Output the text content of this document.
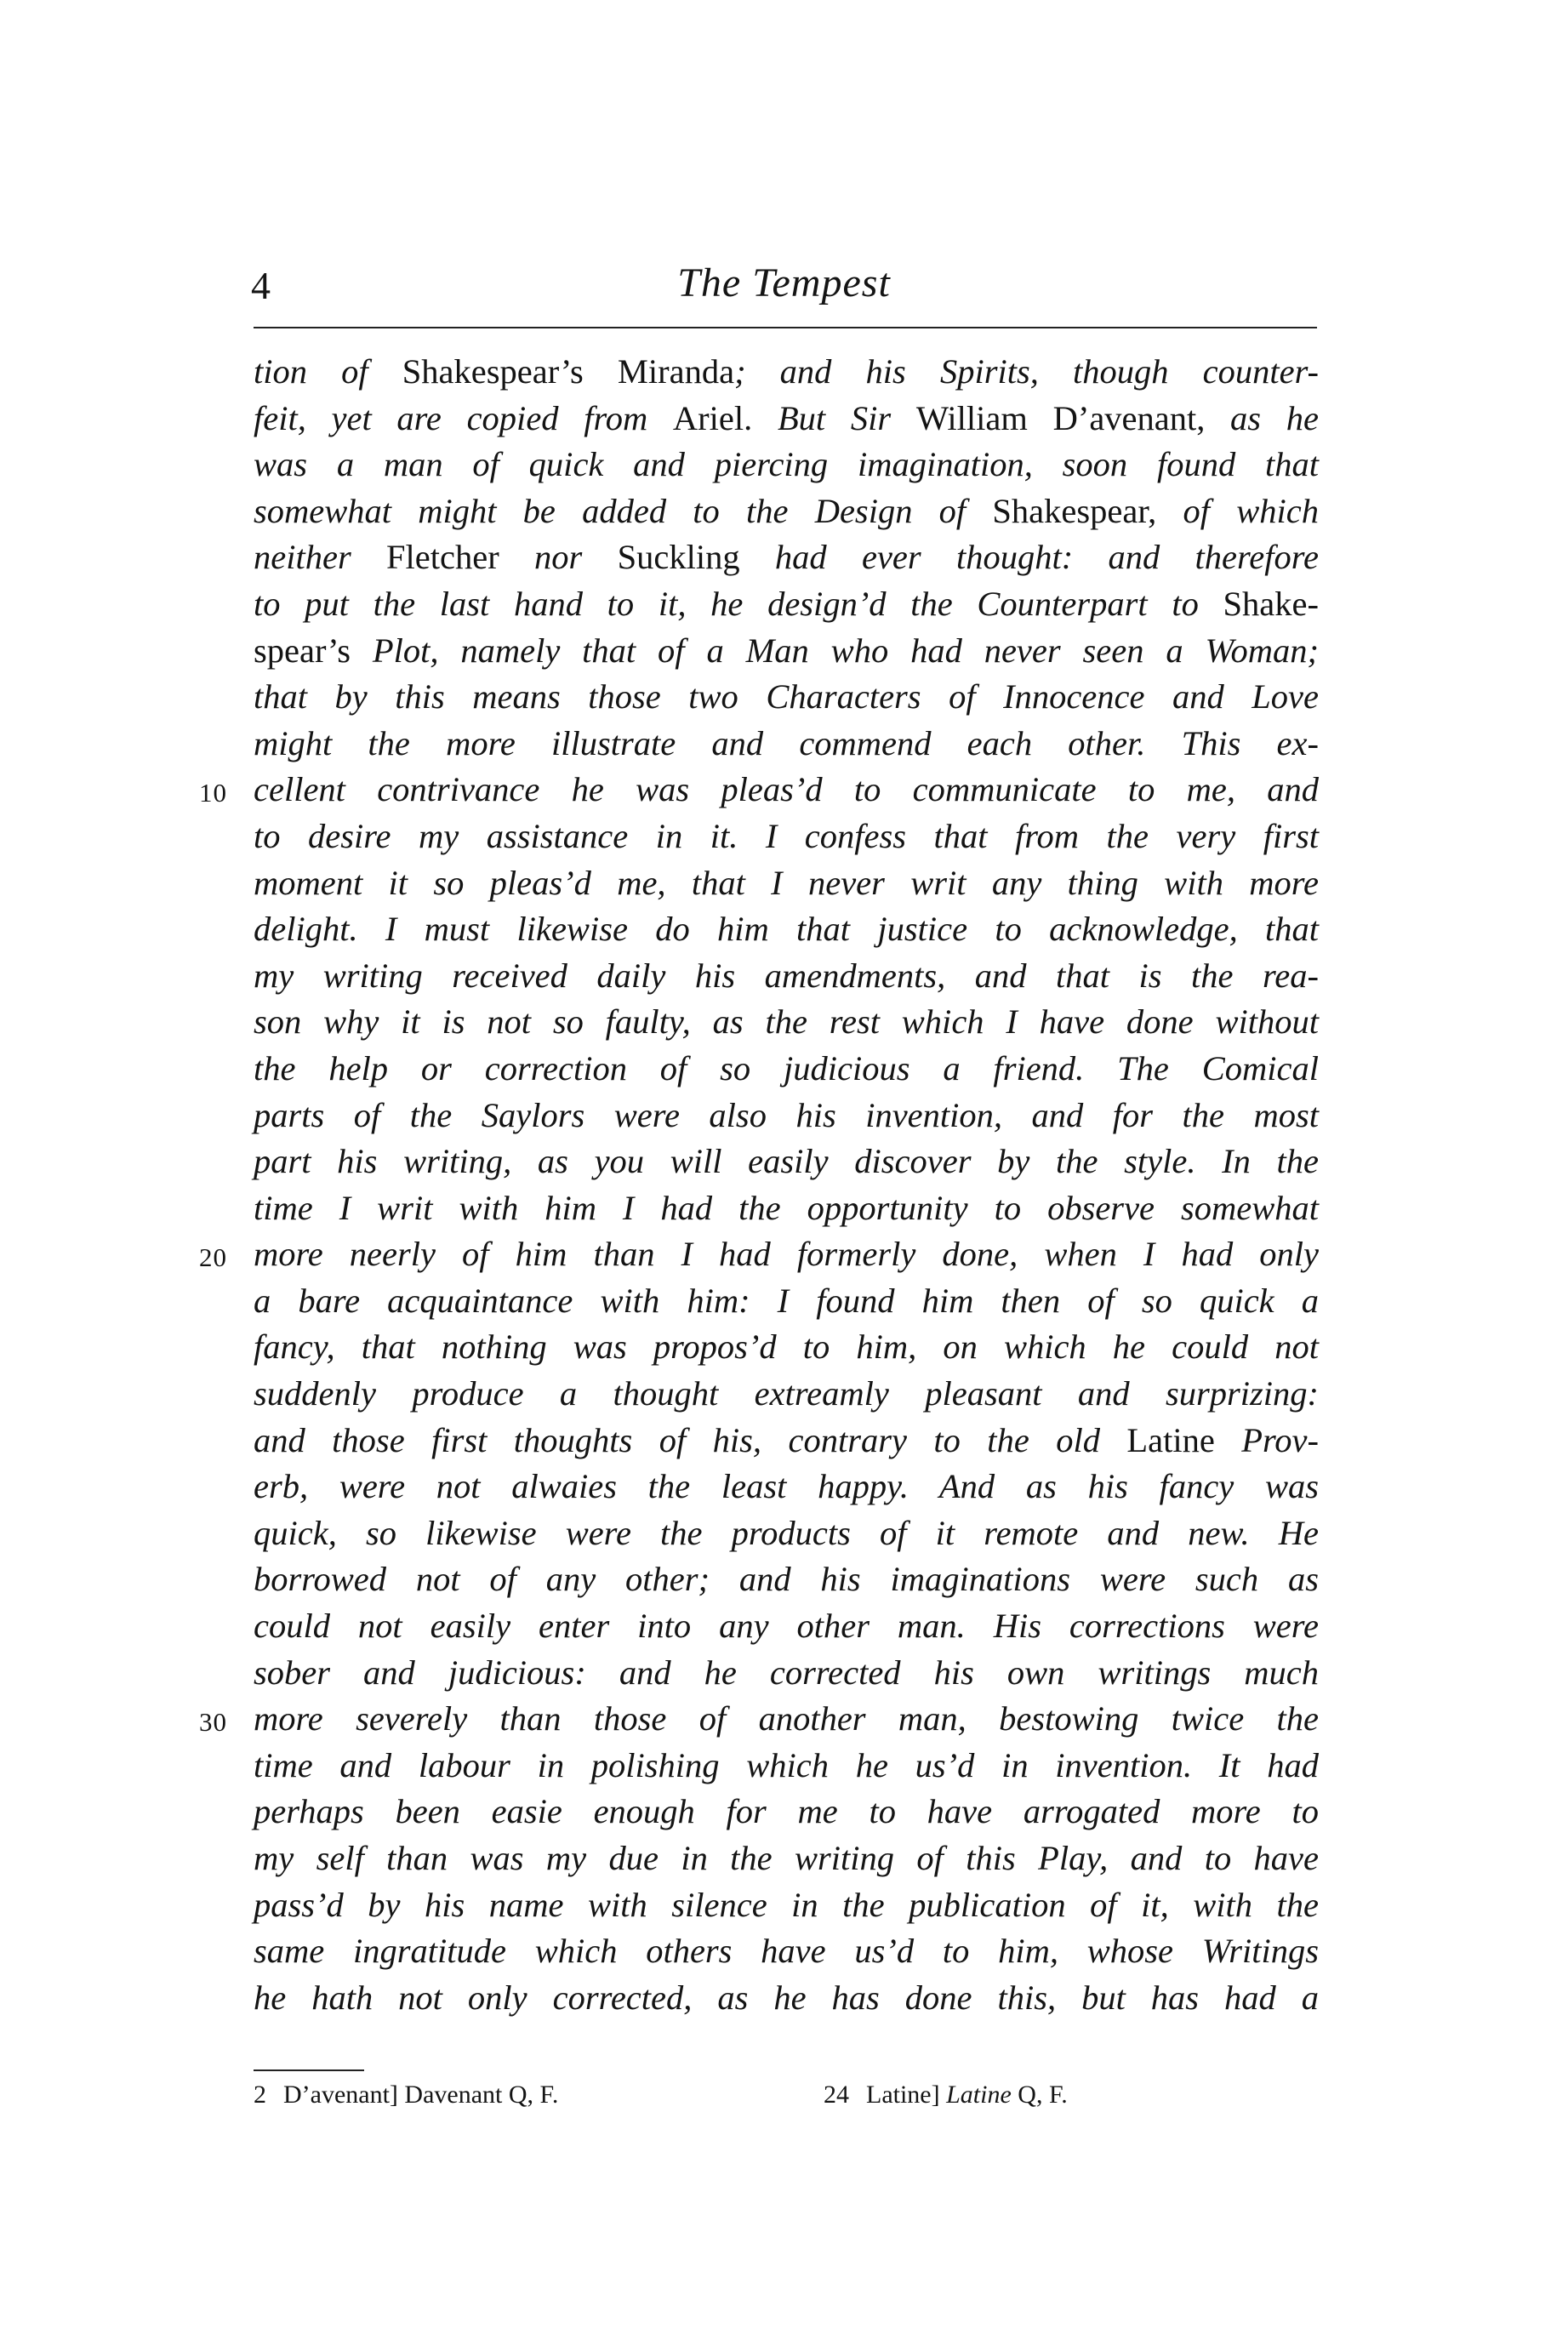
4	The Tempest
tion of Shakespear’s Miranda; and his Spirits, though counter-
feit, yet are copied from Ariel. But Sir William D’avenant, as he
was a man of quick and piercing imagination, soon found that
somewhat might be added to the Design of Shakespear, of which
neither Fletcher nor Suckling had ever thought: and therefore
to put the last hand to it, he design’d the Counterpart to Shake-
spear’s Plot, namely that of a Man who had never seen a Woman;
that by this means those two Characters of Innocence and Love
might the more illustrate and commend each other. This ex-
10 cellent contrivance he was pleas’d to communicate to me, and
to desire my assistance in it. I confess that from the very first
moment it so pleas’d me, that I never writ any thing with more
delight. I must likewise do him that justice to acknowledge, that
my writing received daily his amendments, and that is the rea-
son why it is not so faulty, as the rest which I have done without
the help or correction of so judicious a friend. The Comical
parts of the Saylors were also his invention, and for the most
part his writing, as you will easily discover by the style. In the
time I writ with him I had the opportunity to observe somewhat
20 more neerly of him than I had formerly done, when I had only
a bare acquaintance with him: I found him then of so quick a
fancy, that nothing was propos’d to him, on which he could not
suddenly produce a thought extreamly pleasant and surprizing:
and those first thoughts of his, contrary to the old Latine Prov-
erb, were not alwaies the least happy. And as his fancy was
quick, so likewise were the products of it remote and new. He
borrowed not of any other; and his imaginations were such as
could not easily enter into any other man. His corrections were
sober and judicious: and he corrected his own writings much
30 more severely than those of another man, bestowing twice the
time and labour in polishing which he us’d in invention. It had
perhaps been easie enough for me to have arrogated more to
my self than was my due in the writing of this Play, and to have
pass’d by his name with silence in the publication of it, with the
same ingratitude which others have us’d to him, whose Writings
he hath not only corrected, as he has done this, but has had a
2 D’avenant] Davenant Q, F.	24 Latine] Latine Q, F.
